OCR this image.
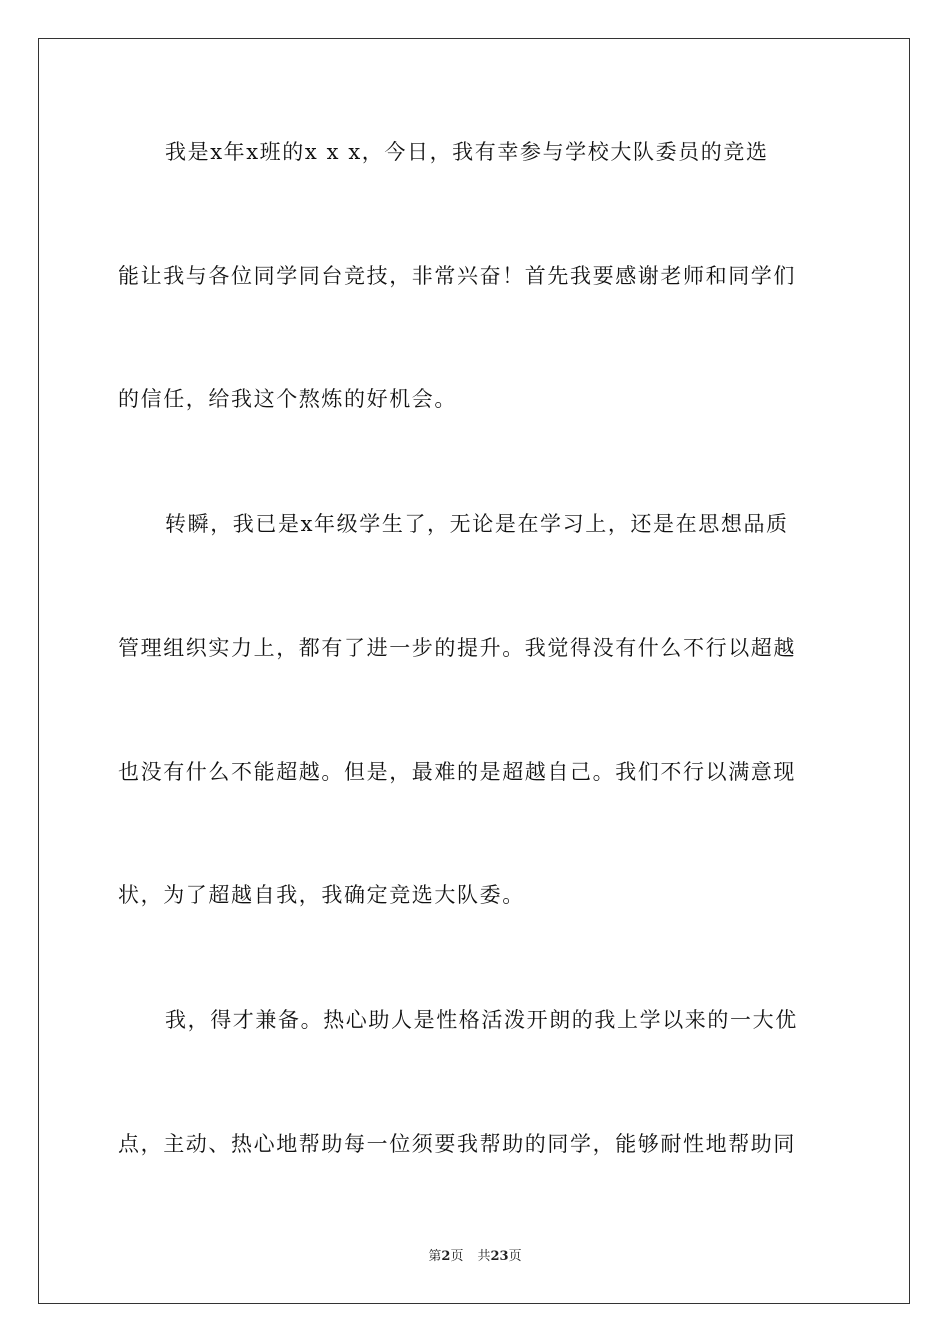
我是x年x班的x x x，今日，我有幸参与学校大队委员的竞选
能让我与各位同学同台竞技，非常兴奋！首先我要感谢老师和同学们
的信任，给我这个熬炼的好机会。
转瞬，我已是x年级学生了，无论是在学习上，还是在思想品质
管理组织实力上，都有了进一步的提升。我觉得没有什么不行以超越
也没有什么不能超越。但是，最难的是超越自己。我们不行以满意现
状，为了超越自我，我确定竞选大队委。
我，得才兼备。热心助人是性格活泼开朗的我上学以来的一大优
点，主动、热心地帮助每一位须要我帮助的同学，能够耐性地帮助同
第2页 共23页
